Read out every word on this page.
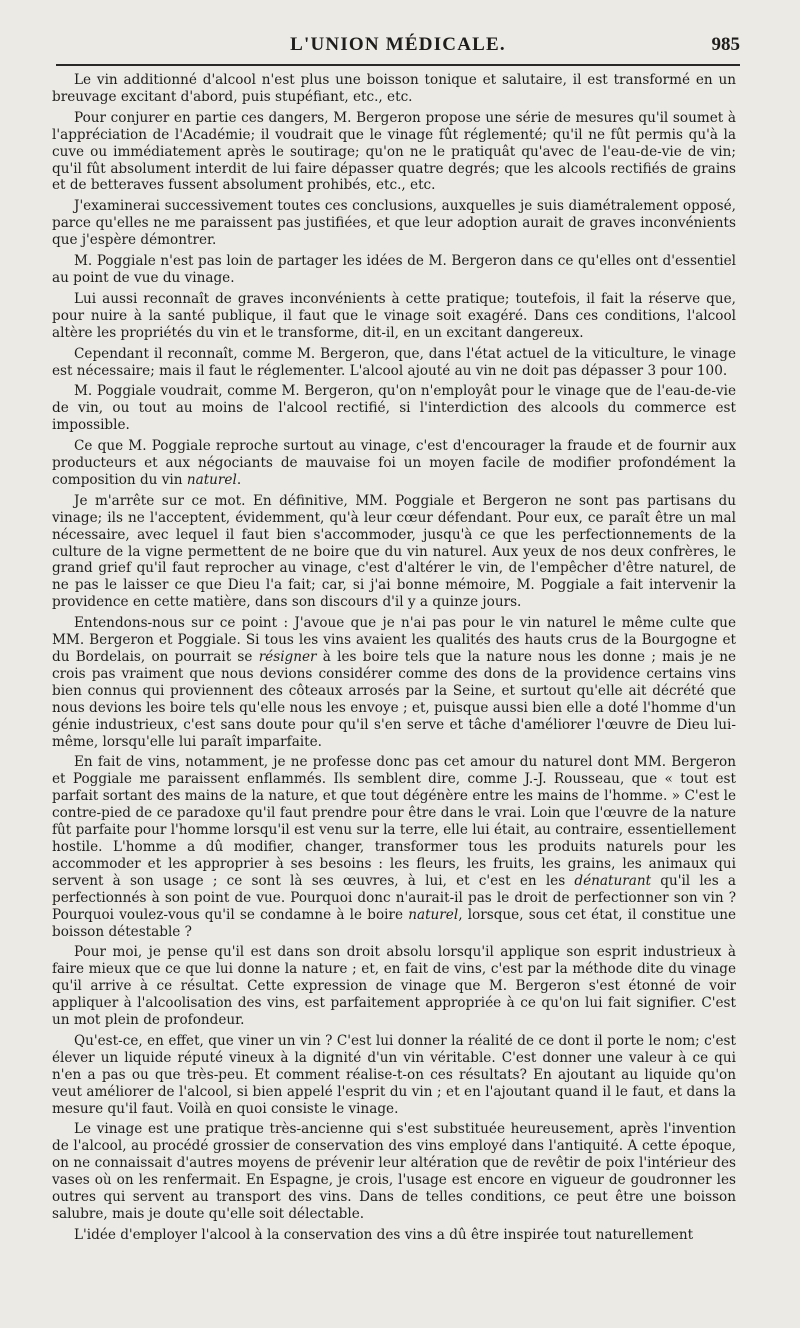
L'UNION MÉDICALE.	985

Le vin additionné d'alcool n'est plus une boisson tonique et salutaire, il est transformé en un breuvage excitant d'abord, puis stupéfiant, etc., etc.

Pour conjurer en partie ces dangers, M. Bergeron propose une série de mesures qu'il soumet à l'appréciation de l'Académie; il voudrait que le vinage fût réglementé; qu'il ne fût permis qu'à la cuve ou immédiatement après le soutirage; qu'on ne le pratiquât qu'avec de l'eau-de-vie de vin; qu'il fût absolument interdit de lui faire dépasser quatre degrés; que les alcools rectifiés de grains et de betteraves fussent absolument prohibés, etc., etc.

J'examinerai successivement toutes ces conclusions, auxquelles je suis diamétralement opposé, parce qu'elles ne me paraissent pas justifiées, et que leur adoption aurait de graves inconvénients que j'espère démontrer.

M. Poggiale n'est pas loin de partager les idées de M. Bergeron dans ce qu'elles ont d'essentiel au point de vue du vinage.

Lui aussi reconnaît de graves inconvénients à cette pratique; toutefois, il fait la réserve que, pour nuire à la santé publique, il faut que le vinage soit exagéré. Dans ces conditions, l'alcool altère les propriétés du vin et le transforme, dit-il, en un excitant dangereux.

Cependant il reconnaît, comme M. Bergeron, que, dans l'état actuel de la viticulture, le vinage est nécessaire; mais il faut le réglementer. L'alcool ajouté au vin ne doit pas dépasser 3 pour 100.

M. Poggiale voudrait, comme M. Bergeron, qu'on n'employât pour le vinage que de l'eau-de-vie de vin, ou tout au moins de l'alcool rectifié, si l'interdiction des alcools du commerce est impossible.

Ce que M. Poggiale reproche surtout au vinage, c'est d'encourager la fraude et de fournir aux producteurs et aux négociants de mauvaise foi un moyen facile de modifier profondément la composition du vin naturel.

Je m'arrête sur ce mot. En définitive, MM. Poggiale et Bergeron ne sont pas partisans du vinage; ils ne l'acceptent, évidemment, qu'à leur cœur défendant. Pour eux, ce paraît être un mal nécessaire, avec lequel il faut bien s'accommoder, jusqu'à ce que les perfectionnements de la culture de la vigne permettent de ne boire que du vin naturel. Aux yeux de nos deux confrères, le grand grief qu'il faut reprocher au vinage, c'est d'altérer le vin, de l'empêcher d'être naturel, de ne pas le laisser ce que Dieu l'a fait; car, si j'ai bonne mémoire, M. Poggiale a fait intervenir la providence en cette matière, dans son discours d'il y a quinze jours.

Entendons-nous sur ce point : J'avoue que je n'ai pas pour le vin naturel le même culte que MM. Bergeron et Poggiale. Si tous les vins avaient les qualités des hauts crus de la Bourgogne et du Bordelais, on pourrait se résigner à les boire tels que la nature nous les donne ; mais je ne crois pas vraiment que nous devions considérer comme des dons de la providence certains vins bien connus qui proviennent des côteaux arrosés par la Seine, et surtout qu'elle ait décrété que nous devions les boire tels qu'elle nous les envoye ; et, puisque aussi bien elle a doté l'homme d'un génie industrieux, c'est sans doute pour qu'il s'en serve et tâche d'améliorer l'œuvre de Dieu lui-même, lorsqu'elle lui paraît imparfaite.

En fait de vins, notamment, je ne professe donc pas cet amour du naturel dont MM. Bergeron et Poggiale me paraissent enflammés. Ils semblent dire, comme J.-J. Rousseau, que « tout est parfait sortant des mains de la nature, et que tout dégénère entre les mains de l'homme. » C'est le contre-pied de ce paradoxe qu'il faut prendre pour être dans le vrai. Loin que l'œuvre de la nature fût parfaite pour l'homme lorsqu'il est venu sur la terre, elle lui était, au contraire, essentiellement hostile. L'homme a dû modifier, changer, transformer tous les produits naturels pour les accommoder et les approprier à ses besoins : les fleurs, les fruits, les grains, les animaux qui servent à son usage ; ce sont là ses œuvres, à lui, et c'est en les dénaturant qu'il les a perfectionnés à son point de vue. Pourquoi donc n'aurait-il pas le droit de perfectionner son vin ? Pourquoi voulez-vous qu'il se condamne à le boire naturel, lorsque, sous cet état, il constitue une boisson détestable ?

Pour moi, je pense qu'il est dans son droit absolu lorsqu'il applique son esprit industrieux à faire mieux que ce que lui donne la nature ; et, en fait de vins, c'est par la méthode dite du vinage qu'il arrive à ce résultat. Cette expression de vinage que M. Bergeron s'est étonné de voir appliquer à l'alcoolisation des vins, est parfaitement appropriée à ce qu'on lui fait signifier. C'est un mot plein de profondeur.

Qu'est-ce, en effet, que viner un vin ? C'est lui donner la réalité de ce dont il porte le nom; c'est élever un liquide réputé vineux à la dignité d'un vin véritable. C'est donner une valeur à ce qui n'en a pas ou que très-peu. Et comment réalise-t-on ces résultats? En ajoutant au liquide qu'on veut améliorer de l'alcool, si bien appelé l'esprit du vin ; et en l'ajoutant quand il le faut, et dans la mesure qu'il faut. Voilà en quoi consiste le vinage.

Le vinage est une pratique très-ancienne qui s'est substituée heureusement, après l'invention de l'alcool, au procédé grossier de conservation des vins employé dans l'antiquité. A cette époque, on ne connaissait d'autres moyens de prévenir leur altération que de revêtir de poix l'intérieur des vases où on les renfermait. En Espagne, je crois, l'usage est encore en vigueur de goudronner les outres qui servent au transport des vins. Dans de telles conditions, ce peut être une boisson salubre, mais je doute qu'elle soit délectable.

L'idée d'employer l'alcool à la conservation des vins a dû être inspirée tout naturellement
